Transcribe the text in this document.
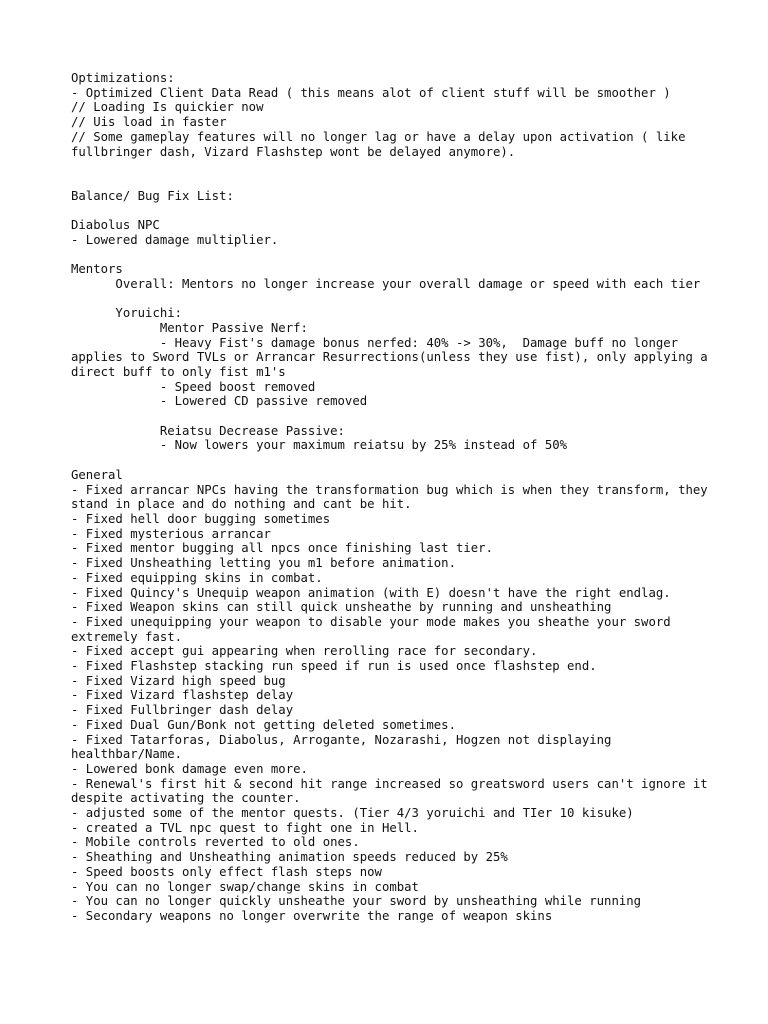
Optimizations:
- Optimized Client Data Read ( this means alot of client stuff will be smoother )
// Loading Is quickier now
// Uis load in faster
// Some gameplay features will no longer lag or have a delay upon activation ( like fullbringer dash, Vizard Flashstep wont be delayed anymore).
Balance/ Bug Fix List:
Diabolus NPC
- Lowered damage multiplier.
Mentors
Overall: Mentors no longer increase your overall damage or speed with each tier
Yoruichi:
Mentor Passive Nerf:
- Heavy Fist's damage bonus nerfed: 40% -> 30%,  Damage buff no longer applies to Sword TVLs or Arrancar Resurrections(unless they use fist), only applying a direct buff to only fist m1's
- Speed boost removed
- Lowered CD passive removed
Reiatsu Decrease Passive:
- Now lowers your maximum reiatsu by 25% instead of 50%
General
- Fixed arrancar NPCs having the transformation bug which is when they transform, they stand in place and do nothing and cant be hit.
- Fixed hell door bugging sometimes
- Fixed mysterious arrancar
- Fixed mentor bugging all npcs once finishing last tier.
- Fixed Unsheathing letting you m1 before animation.
- Fixed equipping skins in combat.
- Fixed Quincy's Unequip weapon animation (with E) doesn't have the right endlag.
- Fixed Weapon skins can still quick unsheathe by running and unsheathing
- Fixed unequipping your weapon to disable your mode makes you sheathe your sword extremely fast.
- Fixed accept gui appearing when rerolling race for secondary.
- Fixed Flashstep stacking run speed if run is used once flashstep end.
- Fixed Vizard high speed bug
- Fixed Vizard flashstep delay
- Fixed Fullbringer dash delay
- Fixed Dual Gun/Bonk not getting deleted sometimes.
- Fixed Tatarforas, Diabolus, Arrogante, Nozarashi, Hogzen not displaying healthbar/Name.
- Lowered bonk damage even more.
- Renewal's first hit & second hit range increased so greatsword users can't ignore it despite activating the counter.
- adjusted some of the mentor quests. (Tier 4/3 yoruichi and TIer 10 kisuke)
- created a TVL npc quest to fight one in Hell.
- Mobile controls reverted to old ones.
- Sheathing and Unsheathing animation speeds reduced by 25%
- Speed boosts only effect flash steps now
- You can no longer swap/change skins in combat
- You can no longer quickly unsheathe your sword by unsheathing while running
- Secondary weapons no longer overwrite the range of weapon skins
